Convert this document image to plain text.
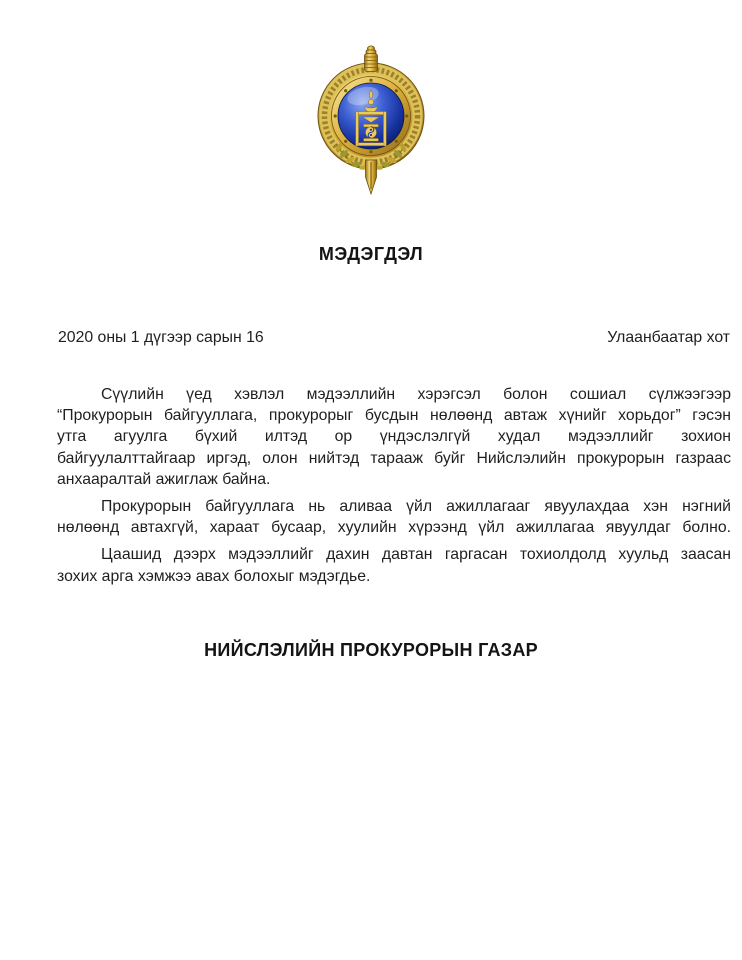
МЭДЭГДЭЛ
2020 оны 1 дүгээр сарын 16	Улаанбаатар хот

Сүүлийн үед хэвлэл мэдээллийн хэрэгсэл болон сошиал сүлжээгээр
“Прокурорын байгууллага, прокурорыг бусдын нөлөөнд автаж хүнийг хорьдог” гэсэн
утга агуулга бүхий илтэд ор үндэслэлгүй худал мэдээллийг зохион
байгуулалттайгаар иргэд, олон нийтэд тарааж буйг Нийслэлийн прокурорын газраас
анхааралтай ажиглаж байна.

Прокурорын байгууллага нь аливаа үйл ажиллагааг явуулахдаа хэн нэгний
нөлөөнд автахгүй, хараат бусаар, хуулийн хүрээнд үйл ажиллагаа явуулдаг болно.

Цаашид дээрх мэдээллийг дахин давтан гаргасан тохиолдолд хуульд заасан
зохих арга хэмжээ авах болохыг мэдэгдье.

НИЙСЛЭЛИЙН ПРОКУРОРЫН ГАЗАР
